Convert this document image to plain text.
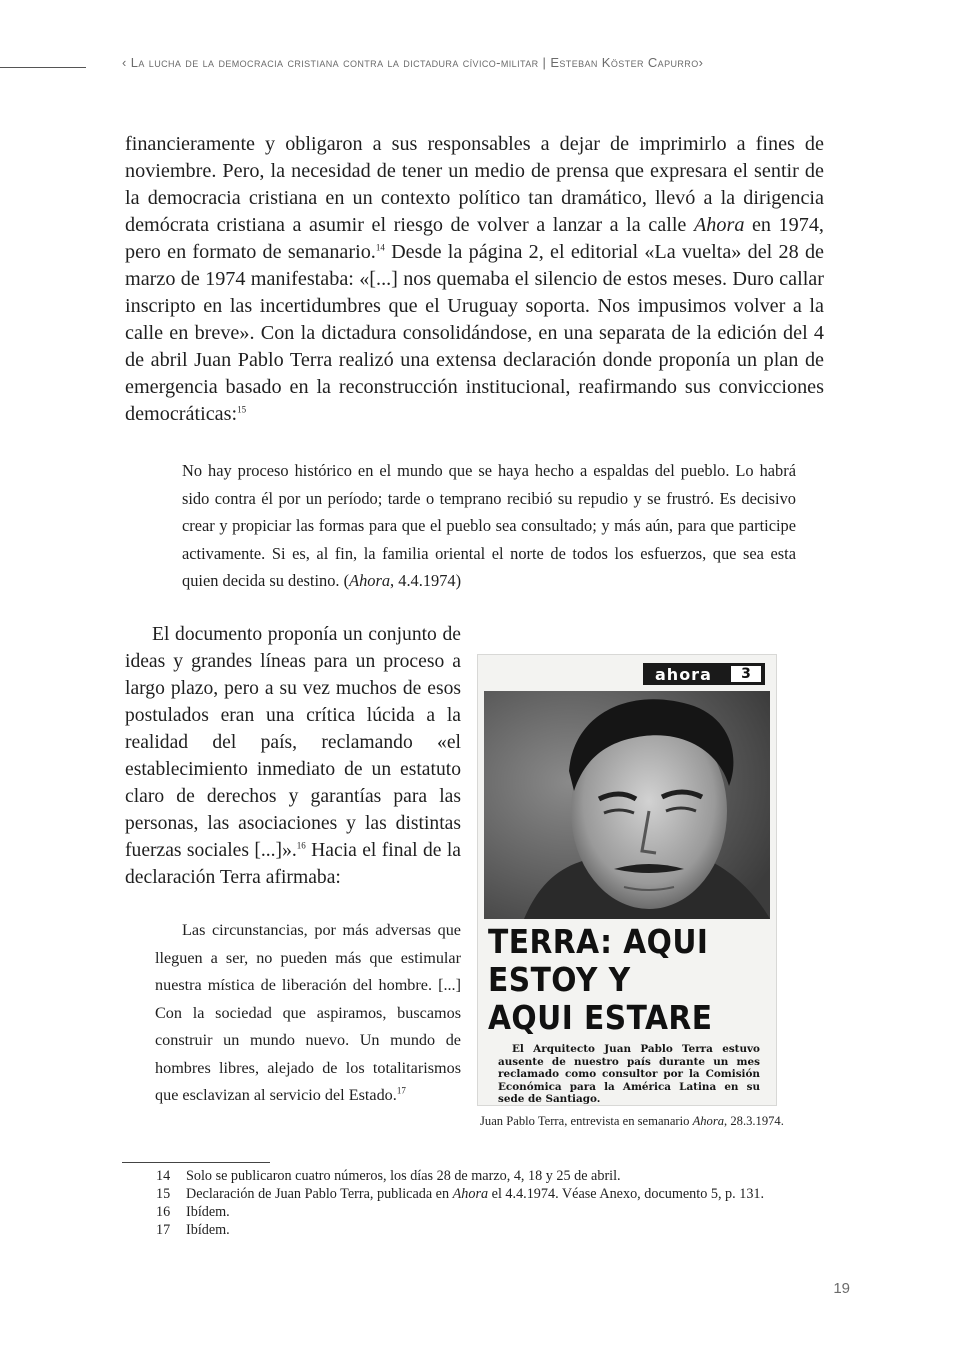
‹ La lucha de la democracia cristiana contra la dictadura cívico-militar | Esteban Köster Capurro›

financieramente y obligaron a sus responsables a dejar de imprimirlo a fines de noviembre. Pero, la necesidad de tener un medio de prensa que expresara el sentir de la democracia cristiana en un contexto político tan dramático, llevó a la dirigencia demócrata cristiana a asumir el riesgo de volver a lanzar a la calle Ahora en 1974, pero en formato de semanario.$^{14}$ Desde la página 2, el editorial «La vuelta» del 28 de marzo de 1974 manifestaba: «[...] nos quemaba el silencio de estos meses. Duro callar inscripto en las incertidumbres que el Uruguay soporta. Nos impusimos volver a la calle en breve». Con la dictadura consolidándose, en una separata de la edición del 4 de abril Juan Pablo Terra realizó una extensa declaración donde proponía un plan de emergencia basado en la reconstrucción institucional, reafirmando sus convicciones democráticas:$^{15}$

No hay proceso histórico en el mundo que se haya hecho a espaldas del pueblo. Lo habrá sido contra él por un período; tarde o temprano recibió su repudio y se frustró. Es decisivo crear y propiciar las formas para que el pueblo sea consultado; y más aún, para que participe activamente. Si es, al fin, la familia oriental el norte de todos los esfuerzos, que sea esta quien decida su destino. (Ahora, 4.4.1974)

El documento proponía un conjunto de ideas y grandes líneas para un proceso a largo plazo, pero a su vez muchos de esos postulados eran una crítica lúcida a la realidad del país, reclamando «el establecimiento inmediato de un estatuto claro de derechos y garantías para las personas, las asociaciones y las distintas fuerzas sociales [...]».$^{16}$ Hacia el final de la declaración Terra afirmaba:

Las circunstancias, por más adversas que lleguen a ser, no pueden más que estimular nuestra mística de liberación del hombre. [...] Con la sociedad que aspiramos, buscamos construir un mundo nuevo. Un mundo de hombres libres, alejado de los totalitarismos que esclavizan al servicio del Estado.$^{17}$

ahora	3
TERRA: AQUI
ESTOY Y
AQUI ESTARE
El Arquitecto Juan Pablo Terra estuvo ausente de nuestro país durante un mes reclamado como consultor por la Comisión Económica para la América Latina en su sede de Santiago.
Juan Pablo Terra, entrevista en semanario Ahora, 28.3.1974.
14	Solo se publicaron cuatro números, los días 28 de marzo, 4, 18 y 25 de abril.
15	Declaración de Juan Pablo Terra, publicada en Ahora el 4.4.1974. Véase Anexo, documento 5, p. 131.
16	Ibídem.
17	Ibídem.
19
